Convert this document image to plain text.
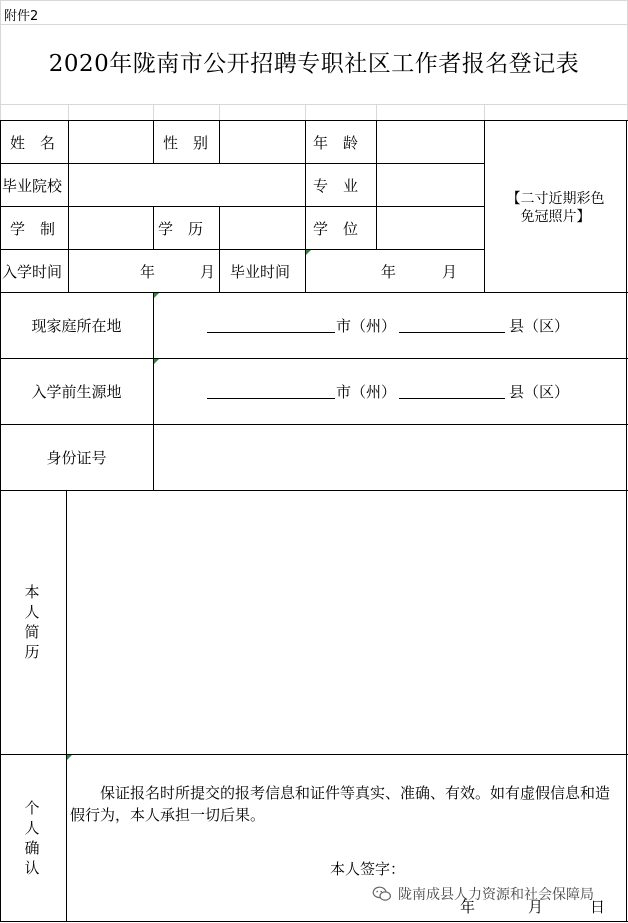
附件2
2020年陇南市公开招聘专职社区工作者报名登记表
姓　名	性　别	年　龄
毕业院校	专　业
学　制	学　历	学　位
入学时间	年	月 毕业时间	年	月
【二寸近期彩色
免冠照片】
现家庭所在地	市（州）	县（区）
入学前生源地	市（州）	县（区）
身份证号
本人简历
个人确认
保证报名时所提交的报考信息和证件等真实、准确、有效。如有虚假信息和造假行为，本人承担一切后果。
本人签字：
年	月	日
陇南成县人力资源和社会保障局
